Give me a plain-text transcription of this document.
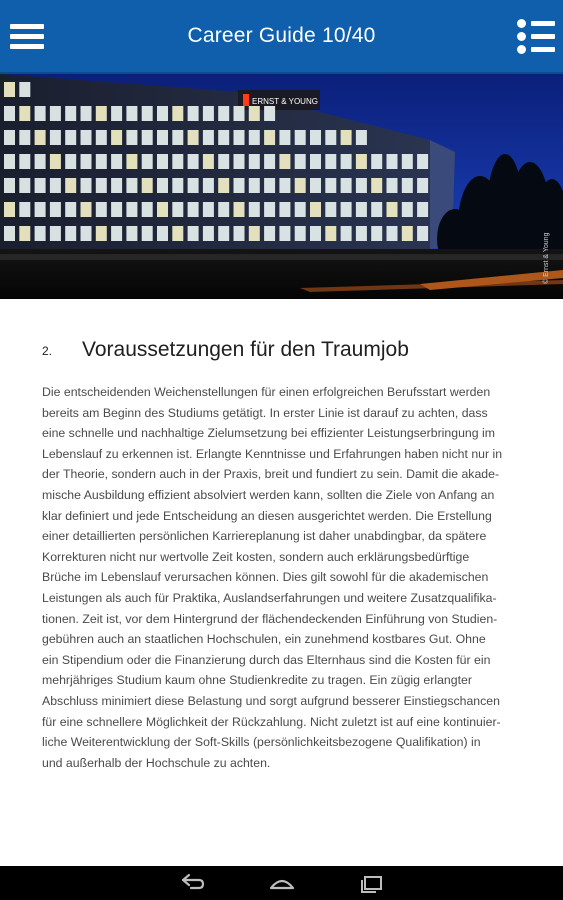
Career Guide 10/40
ERNST & YOUNG
© Ernst & Young
2. Voraussetzungen für den Traumjob
Die entscheidenden Weichenstellungen für einen erfolgreichen Berufsstart werden
bereits am Beginn des Studiums getätigt. In erster Linie ist darauf zu achten, dass
eine schnelle und nachhaltige Zielumsetzung bei effizienter Leistungserbringung im
Lebenslauf zu erkennen ist. Erlangte Kenntnisse und Erfahrungen haben nicht nur in
der Theorie, sondern auch in der Praxis, breit und fundiert zu sein. Damit die akade-
mische Ausbildung effizient absolviert werden kann, sollten die Ziele von Anfang an
klar definiert und jede Entscheidung an diesen ausgerichtet werden. Die Erstellung
einer detaillierten persönlichen Karriereplanung ist daher unabdingbar, da spätere
Korrekturen nicht nur wertvolle Zeit kosten, sondern auch erklärungsbedürftige
Brüche im Lebenslauf verursachen können. Dies gilt sowohl für die akademischen
Leistungen als auch für Praktika, Auslandserfahrungen und weitere Zusatzqualifika-
tionen. Zeit ist, vor dem Hintergrund der flächendeckenden Einführung von Studien-
gebühren auch an staatlichen Hochschulen, ein zunehmend kostbares Gut. Ohne
ein Stipendium oder die Finanzierung durch das Elternhaus sind die Kosten für ein
mehrjähriges Studium kaum ohne Studienkredite zu tragen. Ein zügig erlangter
Abschluss minimiert diese Belastung und sorgt aufgrund besserer Einstiegschancen
für eine schnellere Möglichkeit der Rückzahlung. Nicht zuletzt ist auf eine kontinuier-
liche Weiterentwicklung der Soft-Skills (persönlichkeitsbezogene Qualifikation) in
und außerhalb der Hochschule zu achten.
